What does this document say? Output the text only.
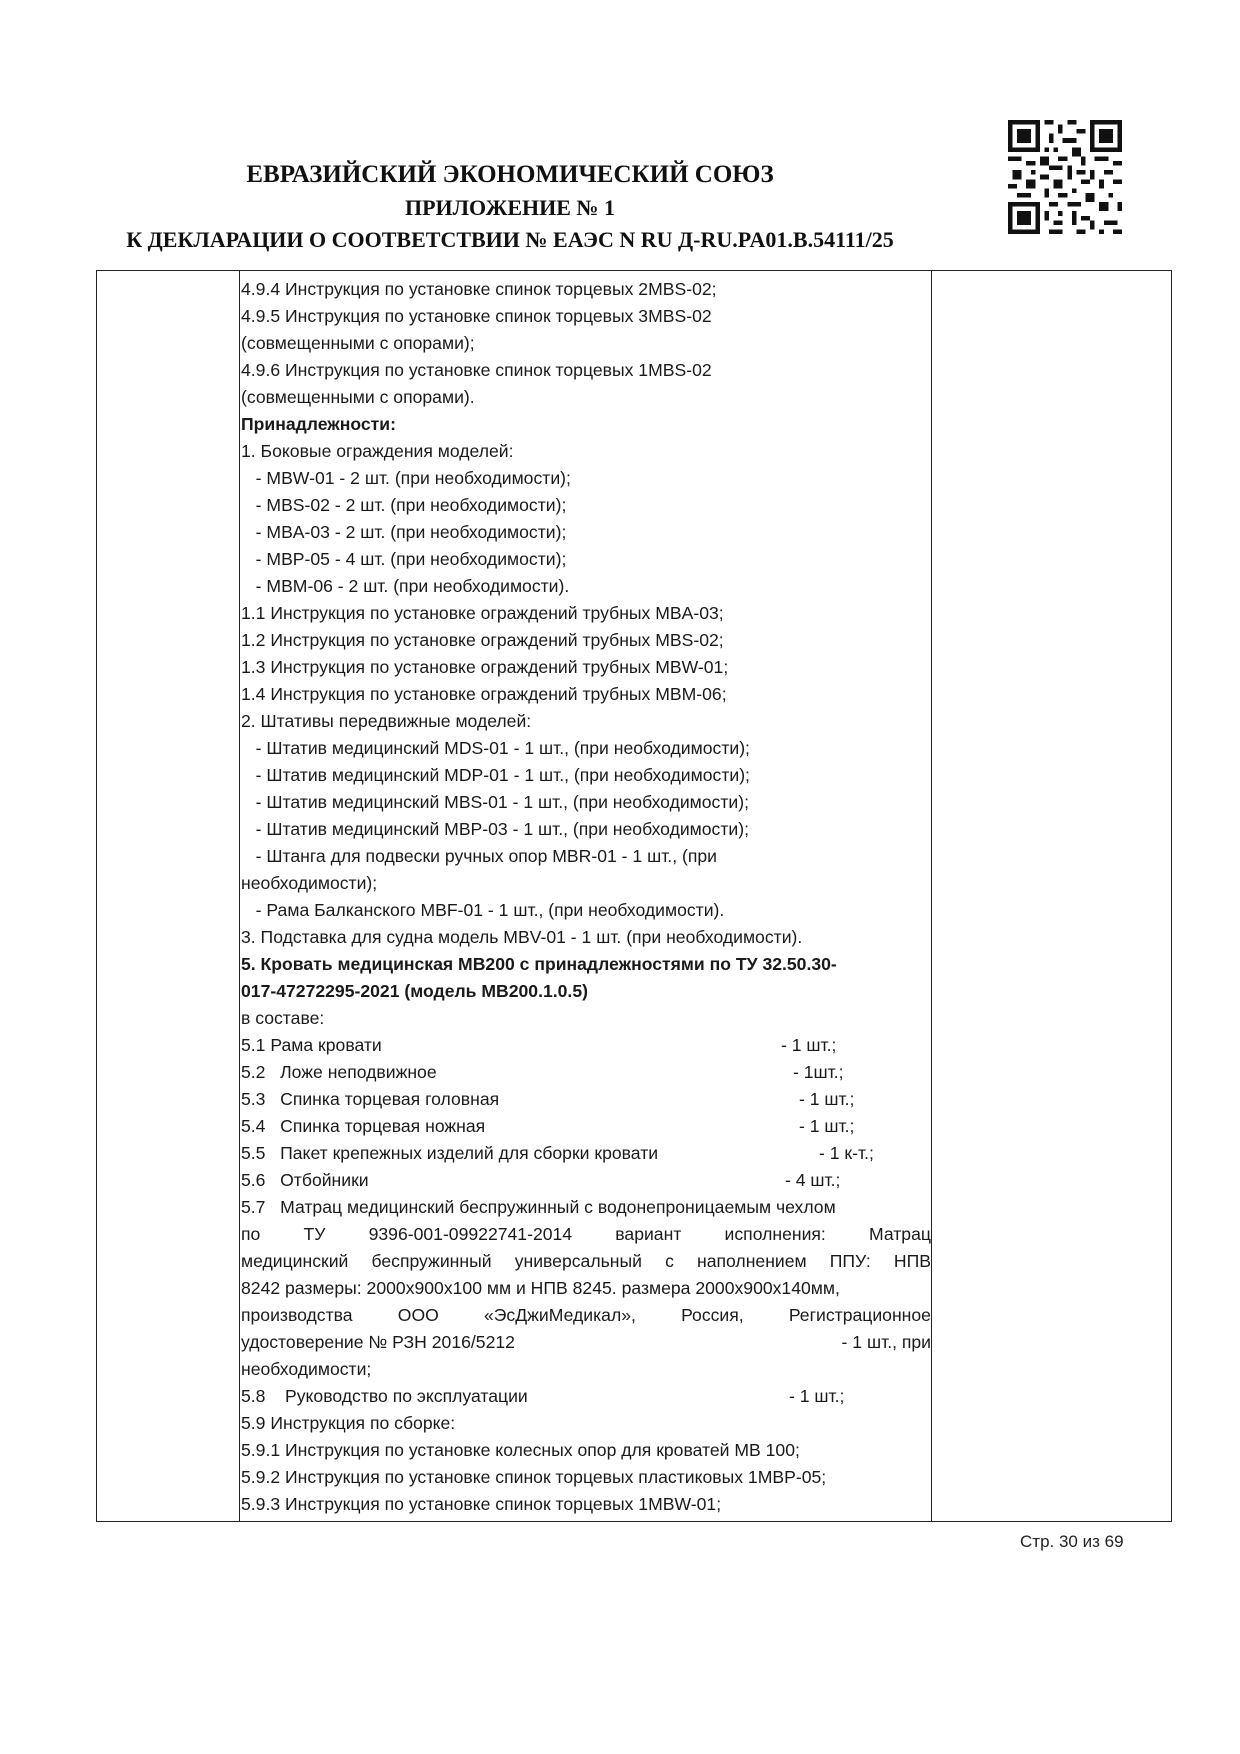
ЕВРАЗИЙСКИЙ ЭКОНОМИЧЕСКИЙ СОЮЗ
ПРИЛОЖЕНИЕ № 1
К ДЕКЛАРАЦИИ О СООТВЕТСТВИИ № ЕАЭС N RU Д-RU.PA01.B.54111/25
4.9.4 Инструкция по установке спинок торцевых 2MBS-02;
4.9.5 Инструкция по установке спинок торцевых 3MBS-02
(совмещенными с опорами);
4.9.6 Инструкция по установке спинок торцевых 1MBS-02
(совмещенными с опорами).
Принадлежности:
1. Боковые ограждения моделей:
- MBW-01 - 2 шт. (при необходимости);
- MBS-02 - 2 шт. (при необходимости);
- MBA-03 - 2 шт. (при необходимости);
- MBP-05 - 4 шт. (при необходимости);
- MBM-06 - 2 шт. (при необходимости).
1.1 Инструкция по установке ограждений трубных MBA-03;
1.2 Инструкция по установке ограждений трубных MBS-02;
1.3 Инструкция по установке ограждений трубных MBW-01;
1.4 Инструкция по установке ограждений трубных MBM-06;
2. Штативы передвижные моделей:
- Штатив медицинский MDS-01 - 1 шт., (при необходимости);
- Штатив медицинский MDP-01 - 1 шт., (при необходимости);
- Штатив медицинский MBS-01 - 1 шт., (при необходимости);
- Штатив медицинский MBP-03 - 1 шт., (при необходимости);
- Штанга для подвески ручных опор MBR-01 - 1 шт., (при
необходимости);
- Рама Балканского MBF-01 - 1 шт., (при необходимости).
3. Подставка для судна модель MBV-01 - 1 шт. (при необходимости).
5. Кровать медицинская MB200 с принадлежностями по ТУ 32.50.30-
017-47272295-2021 (модель MB200.1.0.5)
в составе:
5.1 Рама кровати	- 1 шт.;
5.2   Ложе неподвижное	- 1шт.;
5.3   Спинка торцевая головная	- 1 шт.;
5.4   Спинка торцевая ножная	- 1 шт.;
5.5   Пакет крепежных изделий для сборки кровати	- 1 к-т.;
5.6   Отбойники	- 4 шт.;
5.7   Матрац медицинский беспружинный с водонепроницаемым чехлом
по ТУ 9396-001-09922741-2014 вариант исполнения: Матрац
медицинский беспружинный универсальный с наполнением ППУ: НПВ
8242 размеры: 2000х900х100 мм и НПВ 8245. размера 2000х900х140мм,
производства	ООО	«ЭсДжиМедикал»,	Россия,	Регистрационное
удостоверение № РЗН 2016/5212	- 1 шт., при
необходимости;
5.8    Руководство по эксплуатации	- 1 шт.;
5.9 Инструкция по сборке:
5.9.1 Инструкция по установке колесных опор для кроватей MB 100;
5.9.2 Инструкция по установке спинок торцевых пластиковых 1MBP-05;
5.9.3 Инструкция по установке спинок торцевых 1MBW-01;
Стр. 30 из 69
